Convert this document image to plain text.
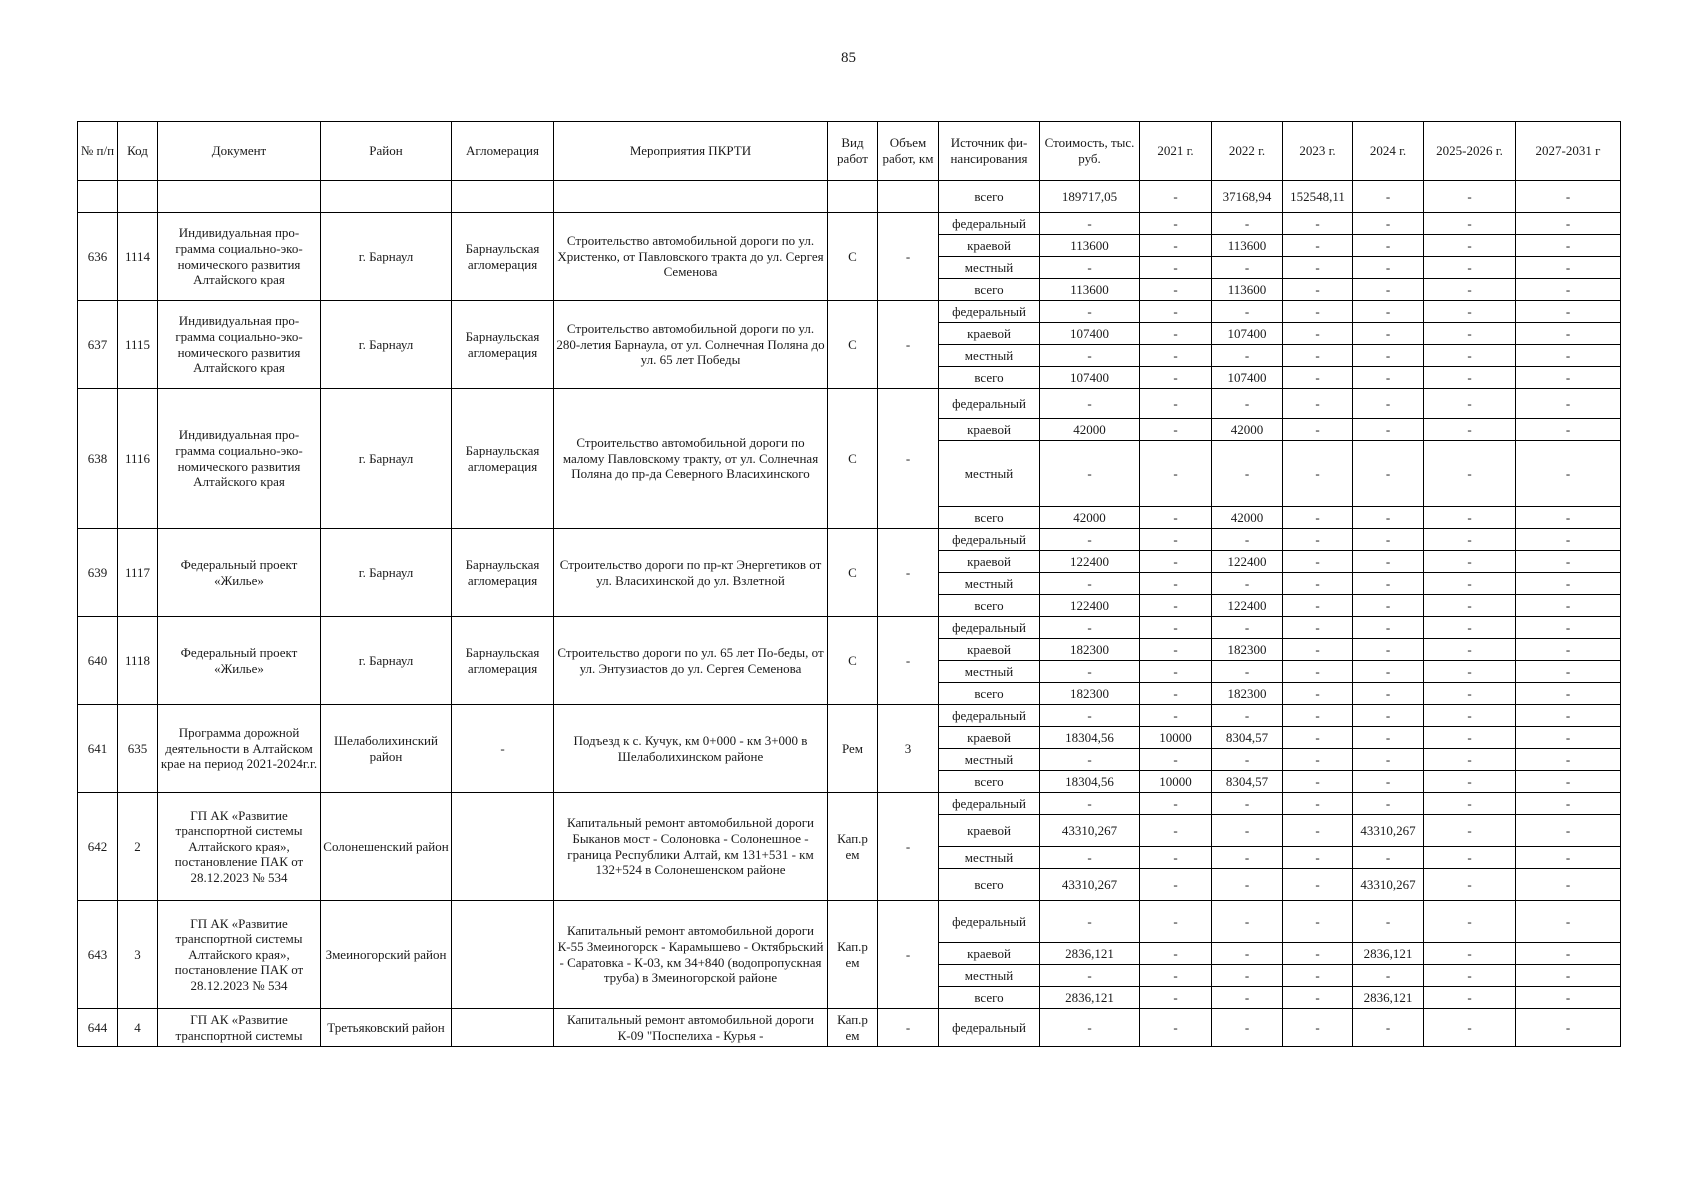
85
№ п/п	Код	Документ	Район	Агломерация	Мероприятия ПКРТИ	Вид работ	Объем работ, км	Источник фи-нансирования	Стоимость, тыс. руб.	2021 г.	2022 г.	2023 г.	2024 г.	2025-2026 г.	2027-2031 г
								всего	189717,05	-	37168,94	152548,11	-	-	-
636	1114	Индивидуальная про-грамма социально-эко-номического развития Алтайского края	г. Барнаул	Барнаульская агломерация	Строительство автомобильной дороги по ул. Христенко, от Павловского тракта до ул. Сергея Семенова	С	-	федеральный	-	-	-	-	-	-	-
								краевой	113600	-	113600	-	-	-	-
								местный	-	-	-	-	-	-	-
								всего	113600	-	113600	-	-	-	-
637	1115	Индивидуальная про-грамма социально-эко-номического развития Алтайского края	г. Барнаул	Барнаульская агломерация	Строительство автомобильной дороги по ул. 280-летия Барнаула, от ул. Солнечная Поляна до ул. 65 лет Победы	С	-	федеральный	-	-	-	-	-	-	-
								краевой	107400	-	107400	-	-	-	-
								местный	-	-	-	-	-	-	-
								всего	107400	-	107400	-	-	-	-
638	1116	Индивидуальная про-грамма социально-эко-номического развития Алтайского края	г. Барнаул	Барнаульская агломерация	Строительство автомобильной дороги по малому Павловскому тракту, от ул. Солнечная Поляна до пр-да Северного Власихинского	С	-	федеральный	-	-	-	-	-	-	-
								краевой	42000	-	42000	-	-	-	-
								местный	-	-	-	-	-	-	-
								всего	42000	-	42000	-	-	-	-
639	1117	Федеральный проект «Жилье»	г. Барнаул	Барнаульская агломерация	Строительство дороги по пр-кт Энергетиков от ул. Власихинской до ул. Взлетной	С	-	федеральный	-	-	-	-	-	-	-
								краевой	122400	-	122400	-	-	-	-
								местный	-	-	-	-	-	-	-
								всего	122400	-	122400	-	-	-	-
640	1118	Федеральный проект «Жилье»	г. Барнаул	Барнаульская агломерация	Строительство дороги по ул. 65 лет По-беды, от ул. Энтузиастов до ул. Сергея Семенова	С	-	федеральный	-	-	-	-	-	-	-
								краевой	182300	-	182300	-	-	-	-
								местный	-	-	-	-	-	-	-
								всего	182300	-	182300	-	-	-	-
641	635	Программа дорожной деятельности в Алтайском крае на период 2021-2024г.г.	Шелаболихинский район	-	Подъезд к с. Кучук, км 0+000 - км 3+000 в Шелаболихинском районе	Рем	3	федеральный	-	-	-	-	-	-	-
								краевой	18304,56	10000	8304,57	-	-	-	-
								местный	-	-	-	-	-	-	-
								всего	18304,56	10000	8304,57	-	-	-	-
642	2	ГП АК «Развитие транспортной системы Алтайского края», постановление ПАК от 28.12.2023 № 534	Солонешенский район		Капитальный ремонт автомобильной дороги Быканов мост - Солоновка - Солонешное - граница Республики Алтай, км 131+531 - км 132+524 в Солонешенском районе	Кап.р ем	-	федеральный	-	-	-	-	-	-	-
								краевой	43310,267	-	-	-	43310,267	-	-
								местный	-	-	-	-	-	-	-
								всего	43310,267	-	-	-	43310,267	-	-
643	3	ГП АК «Развитие транспортной системы Алтайского края», постановление ПАК от 28.12.2023 № 534	Змеиногорский район		Капитальный ремонт автомобильной дороги К-55 Змеиногорск - Карамышево - Октябрьский - Саратовка - К-03, км 34+840 (водопропускная труба) в Змеиногорской районе	Кап.р ем	-	федеральный	-	-	-	-	-	-	-
								краевой	2836,121	-	-	-	2836,121	-	-
								местный	-	-	-	-	-	-	-
								всего	2836,121	-	-	-	2836,121	-	-
644	4	ГП АК «Развитие транспортной системы	Третьяковский район		Капитальный ремонт автомобильной дороги К-09 "Поспелиха - Курья -	Кап.р ем	-	федеральный	-	-	-	-	-	-	-
